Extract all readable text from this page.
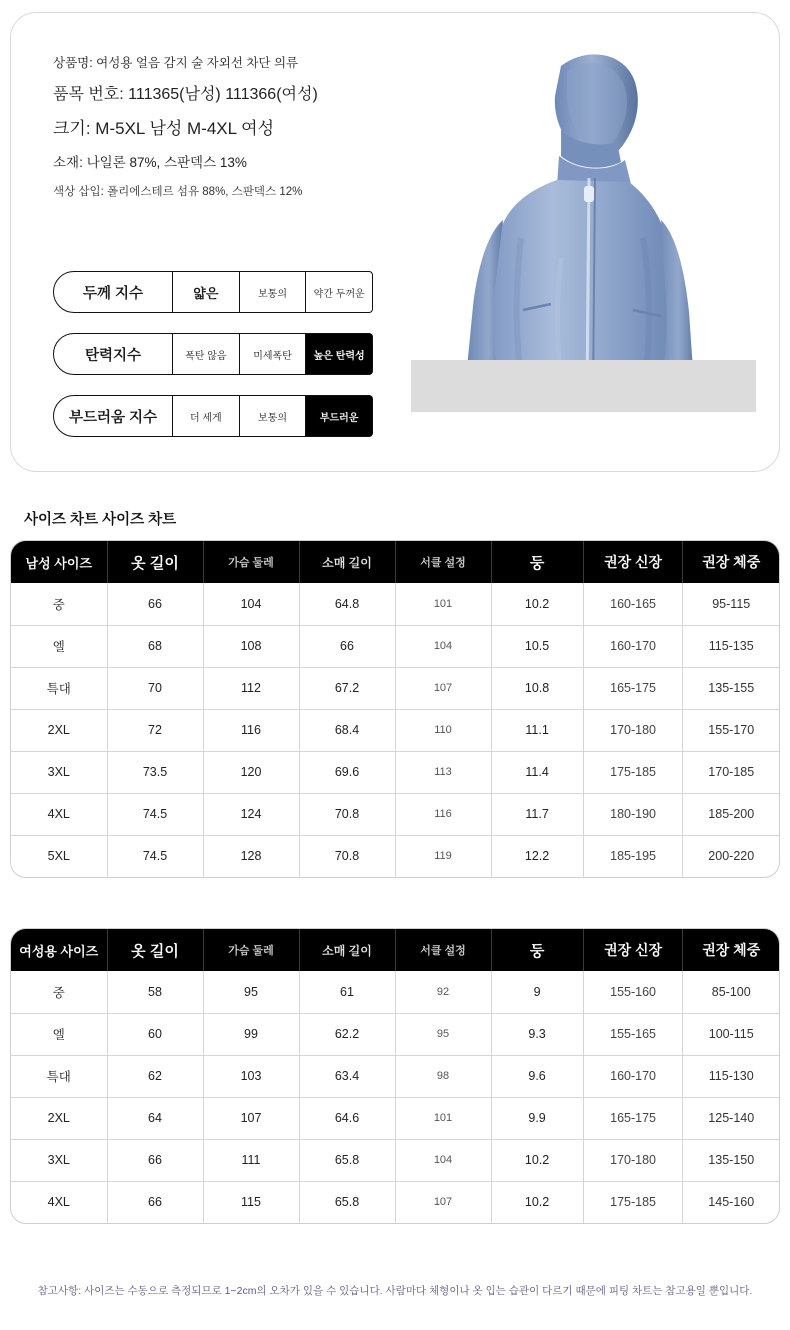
상품명: 여성용 얼음 감지 술 자외선 차단 의류
품목 번호: 111365(남성) 111366(여성)
크기: M-5XL 남성 M-4XL 여성
소재: 나일론 87%, 스판덱스 13%
색상 삽입: 폴리에스테르 섬유 88%, 스판덱스 12%
두께 지수	얇은	보통의	약간 두꺼운
탄력지수	폭탄 않음	미세폭탄	높은 탄력성
부드러움 지수	더 세게	보통의	부드러운
사이즈 차트 사이즈 차트
남성 사이즈	옷 길이	가슴 둘레	소매 길이	서클 설정	둥	권장 신장	권장 체중
중	66	104	64.8	101	10.2	160-165	95-115
엘	68	108	66	104	10.5	160-170	115-135
특대	70	112	67.2	107	10.8	165-175	135-155
2XL	72	116	68.4	110	11.1	170-180	155-170
3XL	73.5	120	69.6	113	11.4	175-185	170-185
4XL	74.5	124	70.8	116	11.7	180-190	185-200
5XL	74.5	128	70.8	119	12.2	185-195	200-220
여성용 사이즈	옷 길이	가슴 둘레	소매 길이	서클 설정	둥	권장 신장	권장 체중
중	58	95	61	92	9	155-160	85-100
엘	60	99	62.2	95	9.3	155-165	100-115
특대	62	103	63.4	98	9.6	160-170	115-130
2XL	64	107	64.6	101	9.9	165-175	125-140
3XL	66	111	65.8	104	10.2	170-180	135-150
4XL	66	115	65.8	107	10.2	175-185	145-160
참고사항: 사이즈는 수동으로 측정되므로 1~2cm의 오차가 있을 수 있습니다. 사람마다 체형이나 옷 입는 습관이 다르기 때문에 피팅 차트는 참고용일 뿐입니다.
